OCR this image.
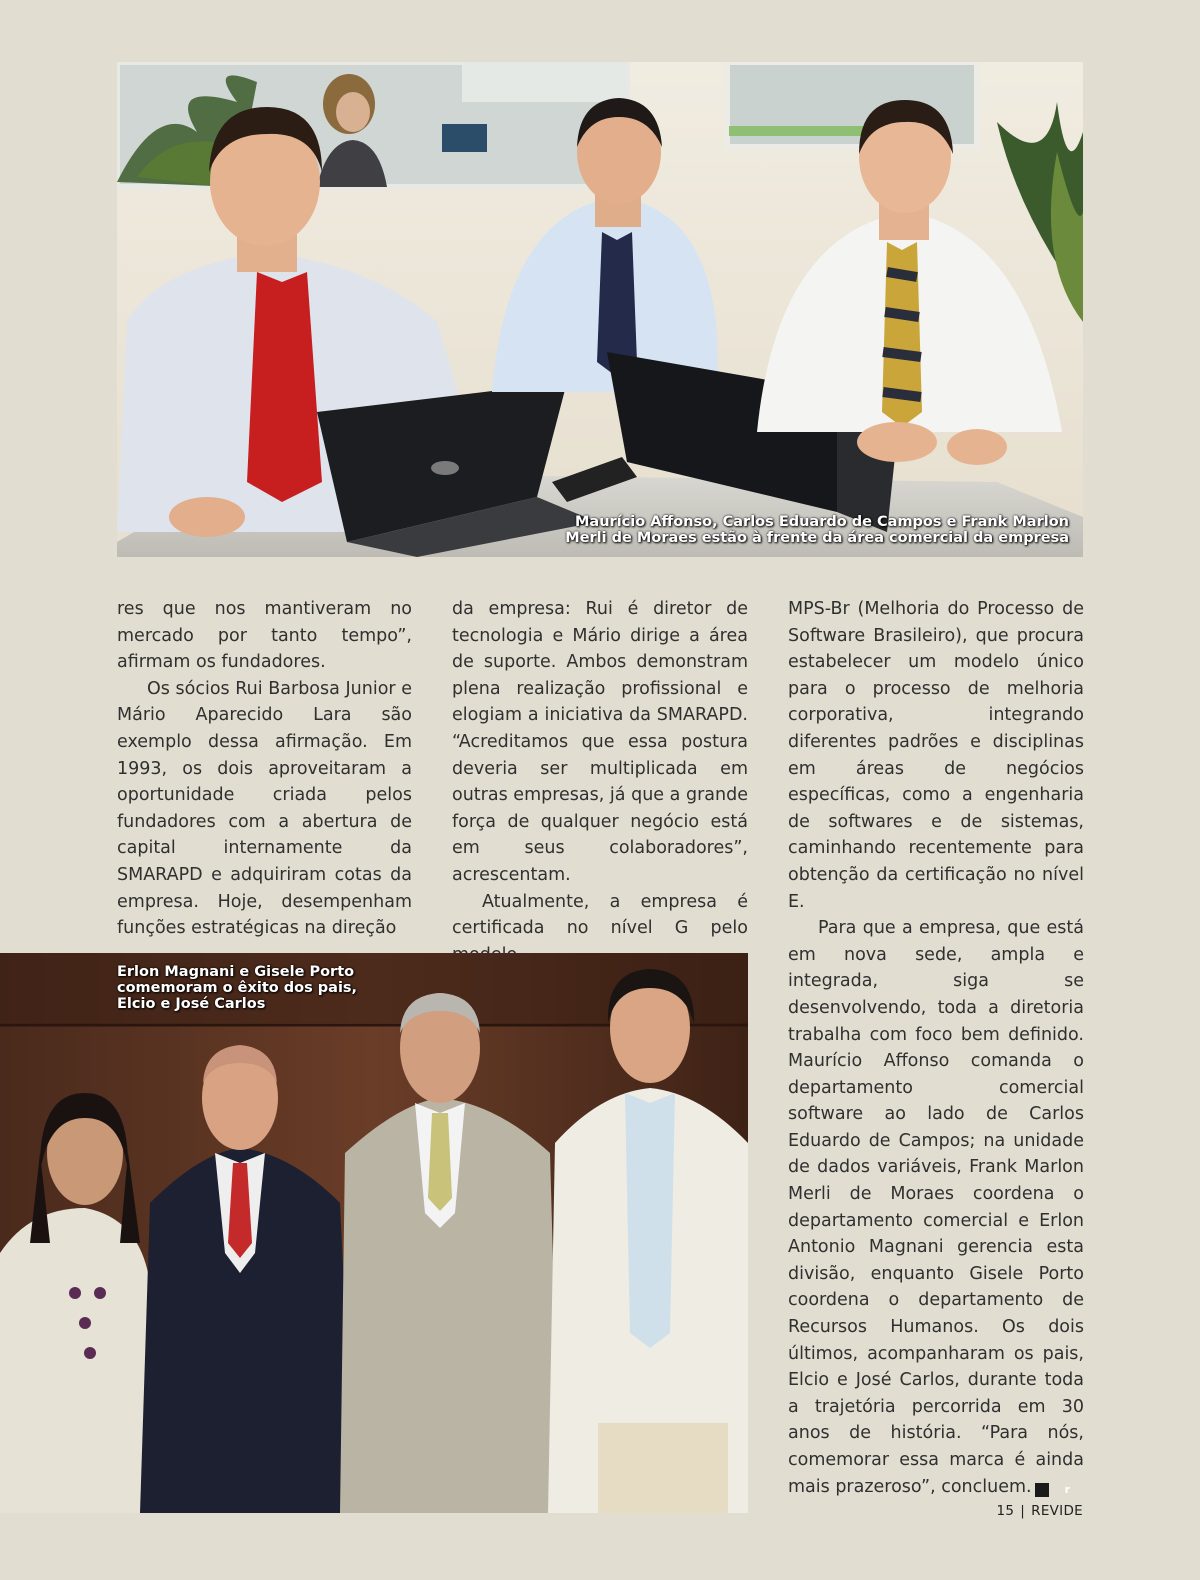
Maurício Affonso, Carlos Eduardo de Campos e Frank Marlon
Merli de Moraes estão à frente da área comercial da empresa

res que nos mantiveram no mercado por tanto tempo”, afirmam os fundadores.

Os sócios Rui Barbosa Junior e Mário Aparecido Lara são exemplo dessa afirmação. Em 1993, os dois aproveitaram a oportunidade criada pelos fundadores com a abertura de capital internamente da SMARAPD e adquiriram cotas da empresa. Hoje, desempenham funções estratégicas na direção

da empresa: Rui é diretor de tecnologia e Mário dirige a área de suporte. Ambos demonstram plena realização profissional e elogiam a iniciativa da SMARAPD. “Acreditamos que essa postura deveria ser multiplicada em outras empresas, já que a grande força de qualquer negócio está em seus colaboradores”, acrescentam.

Atualmente, a empresa é certificada no nível G pelo

MPS-Br (Melhoria do Processo de Software Brasileiro), que procura estabelecer um modelo único para o processo de melhoria corporativa, integrando diferentes padrões e disciplinas em áreas de negócios específicas, como a engenharia de softwares e de sistemas, caminhando recentemente para obtenção da certificação no nível E.

Para que a empresa, que está em nova sede, ampla e integrada, siga se desenvolvendo, toda a diretoria trabalha com foco bem definido. Maurício Affonso comanda o departamento comercial software ao lado de Carlos Eduardo de Campos; na unidade de dados variáveis, Frank Marlon Merli de Moraes coordena o departamento comercial e Erlon Antonio Magnani gerencia esta divisão, enquanto Gisele Porto coordena o departamento de Recursos Humanos. Os dois últimos, acompanharam os pais, Elcio e José Carlos, durante toda a trajetória percorrida em 30 anos de história. “Para nós, comemorar essa marca é ainda mais prazeroso”, concluem.	r

Erlon Magnani e Gisele Porto
comemoram o êxito dos pais,
Elcio e José Carlos
15 | REVIDE
